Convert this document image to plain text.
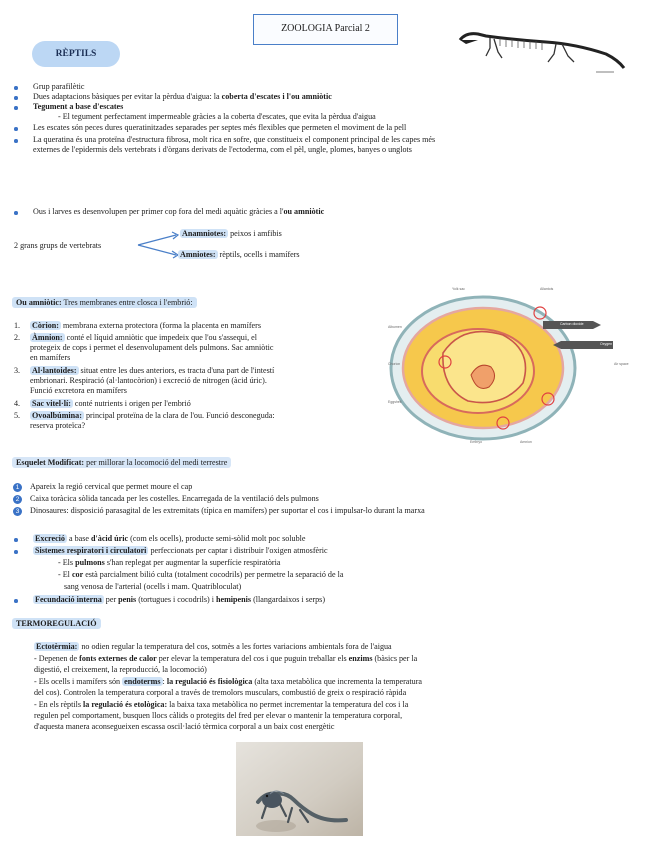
ZOOLOGIA Parcial 2
RÈPTILS
Grup parafilètic
Dues adaptacions bàsiques per evitar la pèrdua d'aigua: la coberta d'escates i l'ou amniòtic
Tegument a base d'escates
- El tegument perfectament impermeable gràcies a la coberta d'escates, que evita la pèrdua d'aigua
Les escates són peces dures queratinitzades separades per septes més flexibles que permeten el moviment de la pell
La queratina és una proteïna d'estructura fibrosa, molt rica en sofre, que constitueix el component principal de les capes més
externes de l'epidermis dels vertebrats i d'òrgans derivats de l'ectoderma, com el pèl, ungle, plomes, banyes o unglots
Ous i larves es desenvolupen per primer cop fora del medi aquàtic gràcies a l'ou amniòtic
2 grans grups de vertebrats
Anamniotes: peixos i amfibis
Amniotes: rèptils, ocells i mamífers
Ou amniòtic: Tres membranes entre closca i l'embrió:
1. Còrion: membrana externa protectora (forma la placenta en mamífers
2. Àmnion: conté el líquid amniòtic que impedeix que l'ou s'assequi, el
protegeix de cops i permet el desenvolupament dels pulmons. Sac amniòtic
en mamífers
3. Al·lantoides: situat entre les dues anteriors, es tracta d'una part de l'intestí
embrionari. Respiració (al·lantocòrion) i excreció de nitrogen (àcid úric).
Funció excretora en mamífers
4. Sac vitel·lí: conté nutrients i origen per l'embrió
5. Ovoalbúmina: principal proteïna de la clara de l'ou. Funció desconeguda:
reserva proteïca?
Yolk sac	Allantois
Albumen
Chorion
Eggshell
Embryo	Amnion
Carbon dioxide
Oxygen
Air space
Esquelet Modificat: per millorar la locomoció del medi terrestre
1	Apareix la regió cervical que permet moure el cap
2	Caixa toràcica sòlida tancada per les costelles. Encarregada de la ventilació dels pulmons
3	Dinosaures: disposició parasagital de les extremitats (típica en mamífers) per suportar el cos i impulsar-lo durant la marxa
Excreció a base d'àcid úric (com els ocells), producte semi-sòlid molt poc soluble
Sistemes respiratori i circulatori perfeccionats per captar i distribuir l'oxigen atmosfèric
- Els pulmons s'han replegat per augmentar la superfície respiratòria
- El cor està parcialment bilió culta (totalment cocodrils) per permetre la separació de la
sang venosa de l'arterial (ocells i mam. Quatribloculat)
Fecundació interna per penis (tortugues i cocodrils) i hemipenis (llangardaixos i serps)
TERMOREGULACIÓ
Ectotèrmia: no odien regular la temperatura del cos, sotmès a les fortes variacions ambientals fora de l'aigua
- Depenen de fonts externes de calor per elevar la temperatura del cos i que puguin treballar els enzims (bàsics per la
digestió, el creixement, la reproducció, la locomoció)
- Els ocells i mamífers són endoterms : la regulació és fisiològica (alta taxa metabòlica que incrementa la temperatura
del cos). Controlen la temperatura corporal a través de tremolors musculars, combustió de greix o respiració ràpida
- En els rèptils la regulació és etològica: la baixa taxa metabòlica no permet incrementar la temperatura del cos i la
regulen pel comportament, busquen llocs càlids o protegits del fred per elevar o mantenir la temperatura corporal,
d'aquesta manera aconsegueixen escassa oscil·lació tèrmica corporal a un baix cost energètic
